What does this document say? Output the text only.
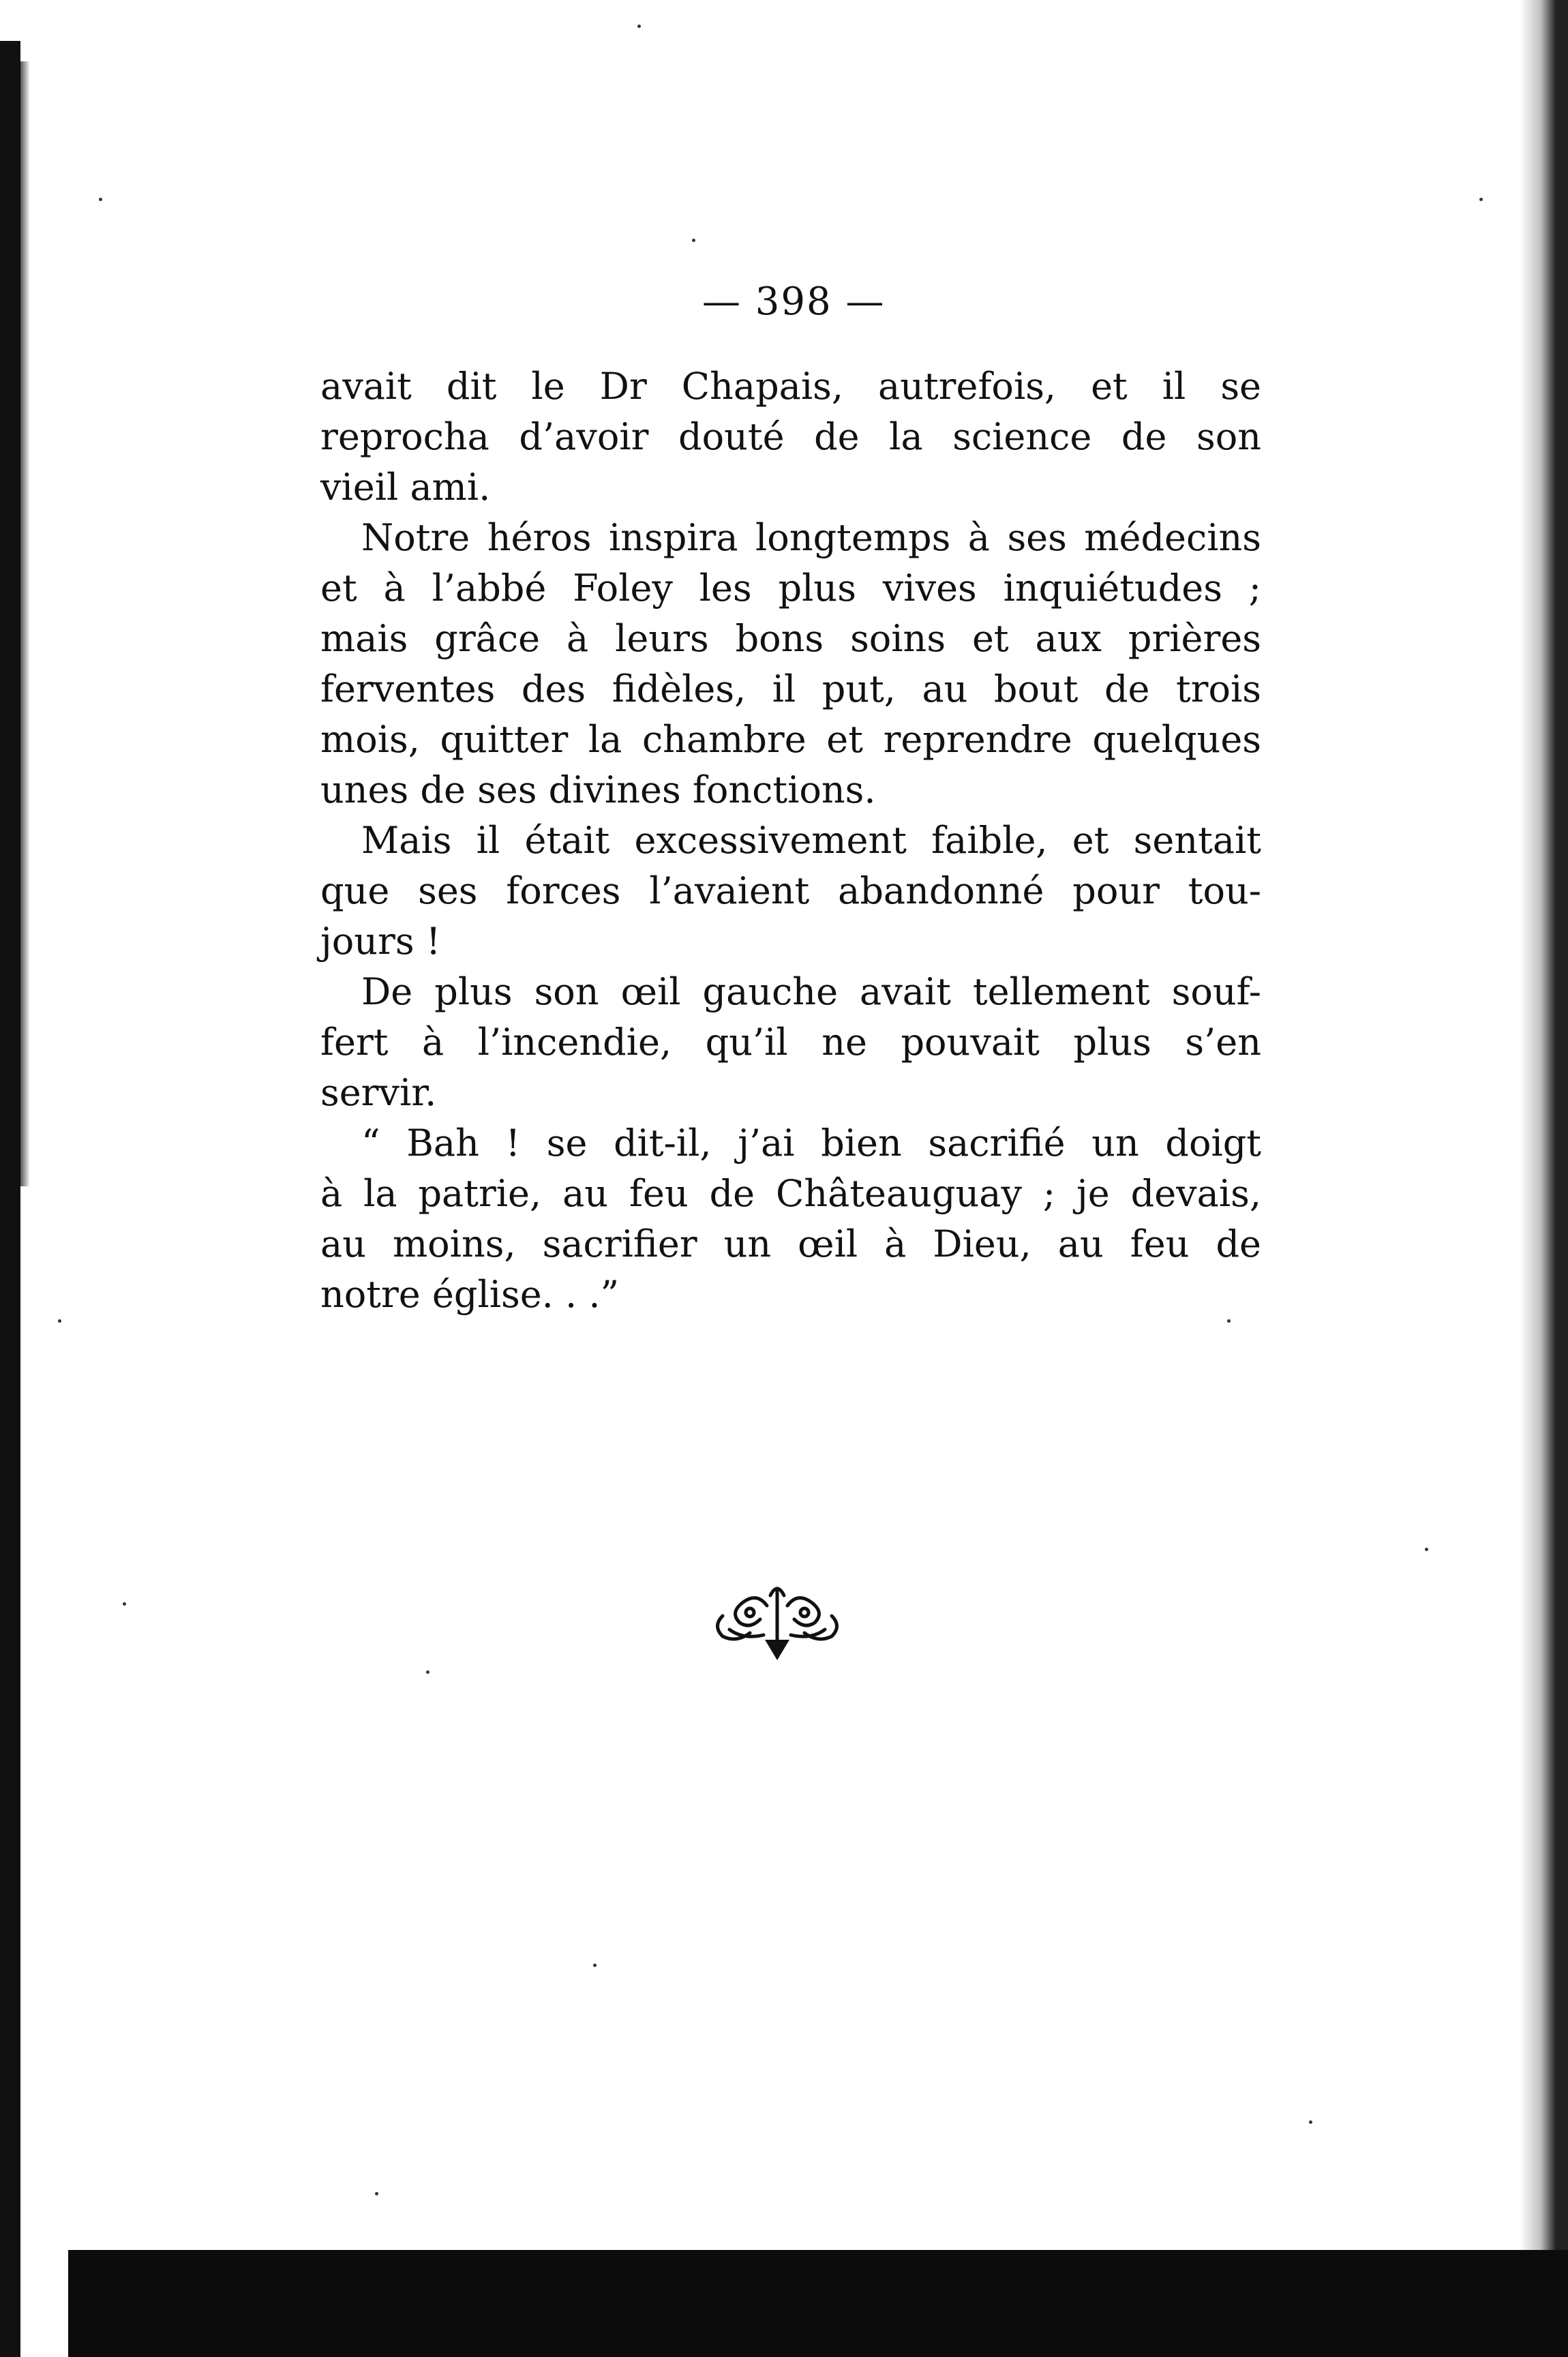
— 398 —
avait dit le Dr Chapais, autrefois, et il se
reprocha d’avoir douté de la science de son
vieil ami.
Notre héros inspira longtemps à ses médecins
et à l’abbé Foley les plus vives inquiétudes ;
mais grâce à leurs bons soins et aux prières
ferventes des fidèles, il put, au bout de trois
mois, quitter la chambre et reprendre quelques
unes de ses divines fonctions.
Mais il était excessivement faible, et sentait
que ses forces l’avaient abandonné pour tou-
jours !
De plus son œil gauche avait tellement souf-
fert à l’incendie, qu’il ne pouvait plus s’en
servir.
“ Bah ! se dit-il, j’ai bien sacrifié un doigt
à la patrie, au feu de Châteauguay ; je devais,
au moins, sacrifier un œil à Dieu, au feu de
notre église. . .”
